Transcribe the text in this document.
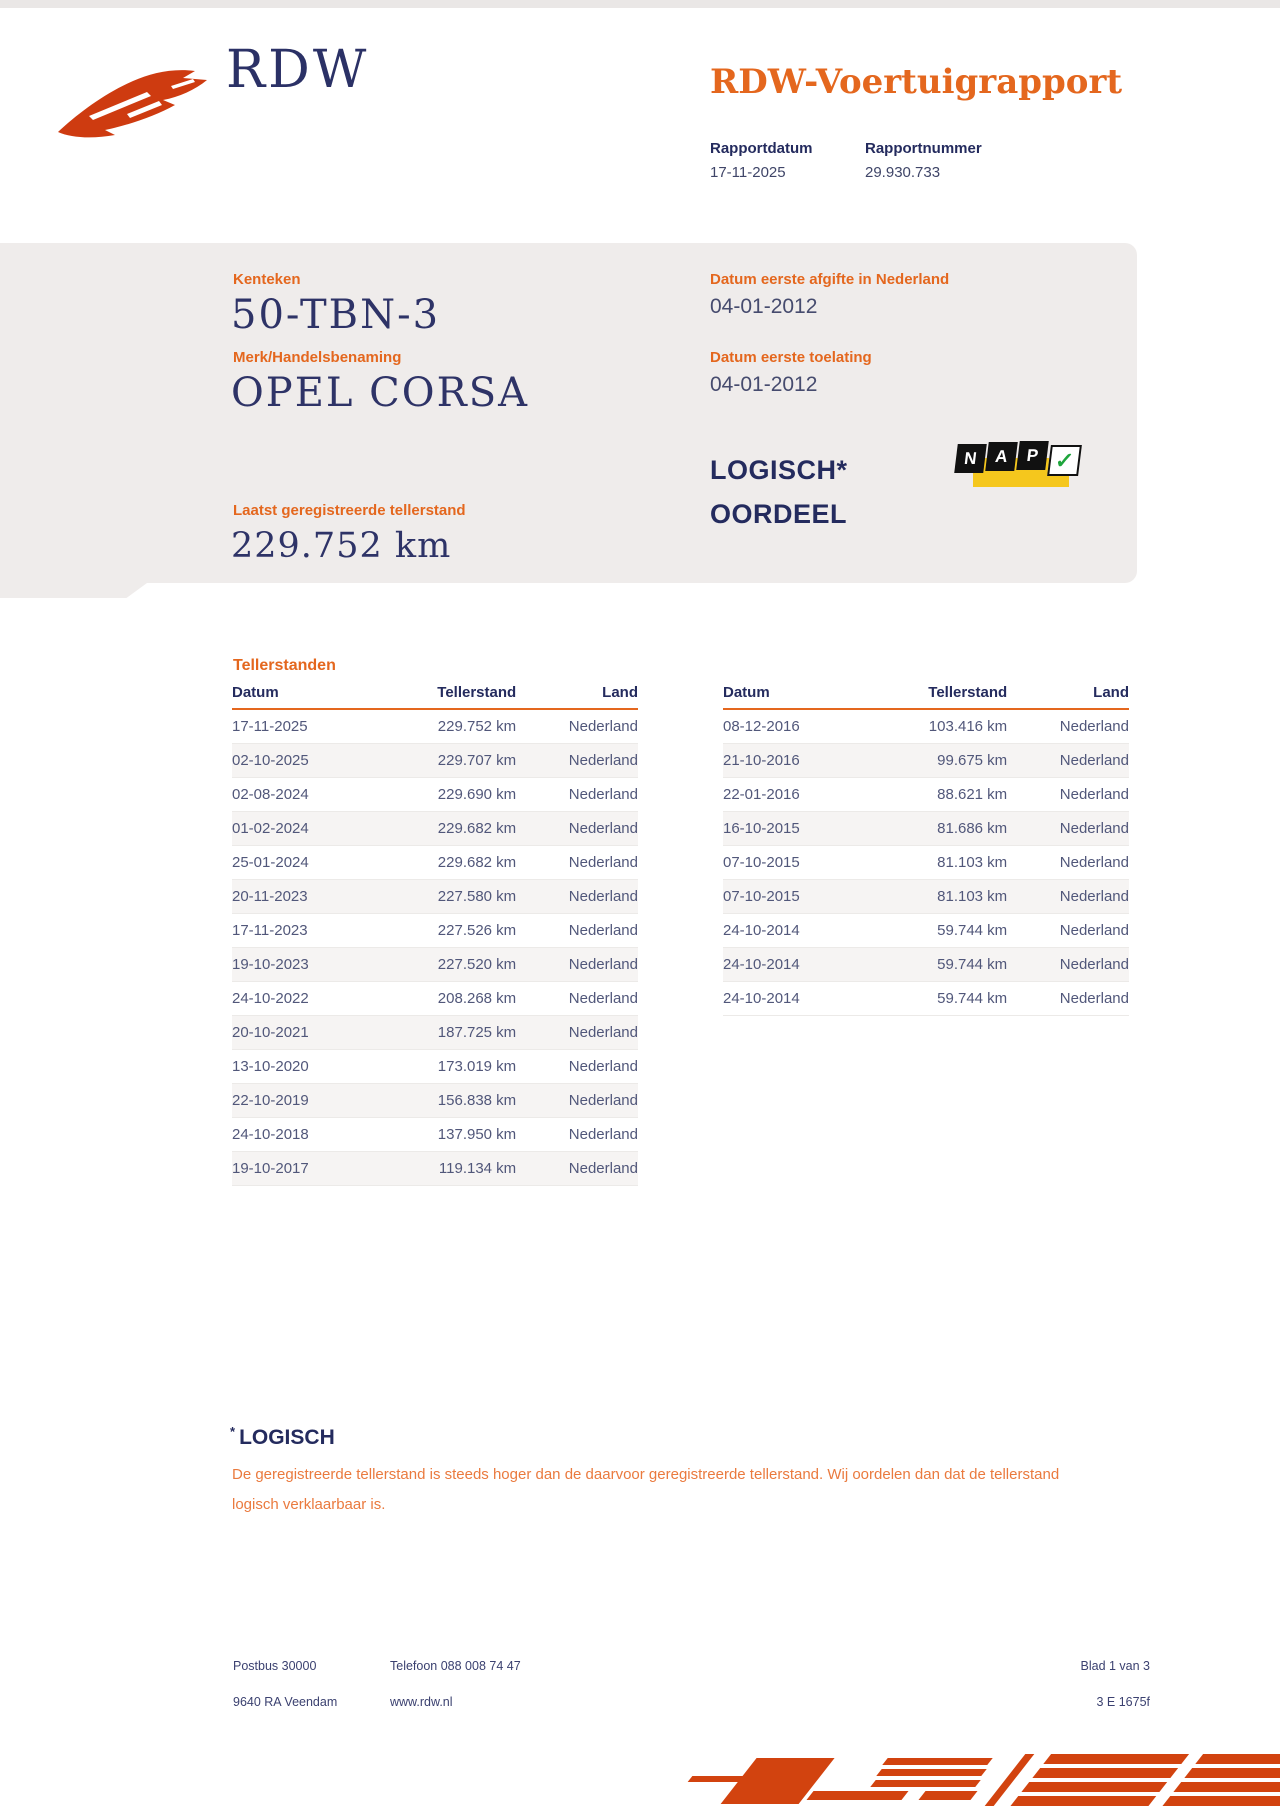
RDW	RDW-Voertuigrapport
Rapportdatum	Rapportnummer
17-11-2025	29.930.733
Kenteken
50-TBN-3
Merk/Handelsbenaming
OPEL CORSA
Laatst geregistreerde tellerstand
229.752 km
Datum eerste afgifte in Nederland
04-01-2012
Datum eerste toelating
04-01-2012
LOGISCH*
OORDEEL
N A P ✓
Tellerstanden
Datum	Tellerstand	Land
17-11-2025	229.752 km	Nederland
02-10-2025	229.707 km	Nederland
02-08-2024	229.690 km	Nederland
01-02-2024	229.682 km	Nederland
25-01-2024	229.682 km	Nederland
20-11-2023	227.580 km	Nederland
17-11-2023	227.526 km	Nederland
19-10-2023	227.520 km	Nederland
24-10-2022	208.268 km	Nederland
20-10-2021	187.725 km	Nederland
13-10-2020	173.019 km	Nederland
22-10-2019	156.838 km	Nederland
24-10-2018	137.950 km	Nederland
19-10-2017	119.134 km	Nederland
Datum	Tellerstand	Land
08-12-2016	103.416 km	Nederland
21-10-2016	99.675 km	Nederland
22-01-2016	88.621 km	Nederland
16-10-2015	81.686 km	Nederland
07-10-2015	81.103 km	Nederland
07-10-2015	81.103 km	Nederland
24-10-2014	59.744 km	Nederland
24-10-2014	59.744 km	Nederland
24-10-2014	59.744 km	Nederland
* LOGISCH
De geregistreerde tellerstand is steeds hoger dan de daarvoor geregistreerde tellerstand. Wij oordelen dan dat de tellerstand logisch verklaarbaar is.
Postbus 30000
9640 RA Veendam
Telefoon 088 008 74 47
www.rdw.nl
Blad 1 van 3
3 E 1675f
